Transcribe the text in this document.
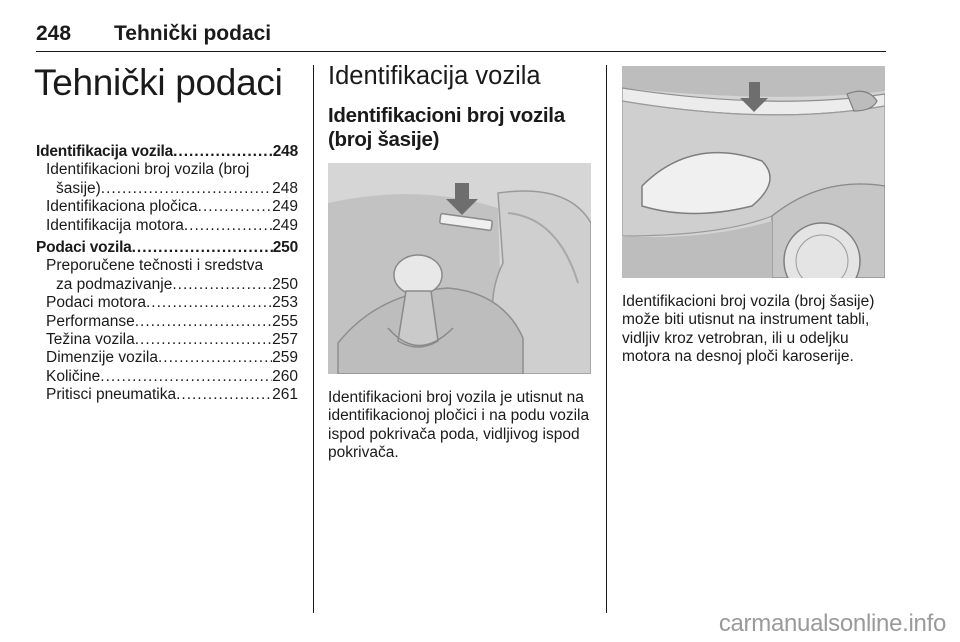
248 Tehnički podaci
Tehnički podaci
Identifikacija vozila .....	248
Identifikacioni broj vozila (broj
šasije) .....	248
Identifikaciona pločica .....	249
Identifikacija motora .....	249
Podaci vozila .....	250
Preporučene tečnosti i sredstva
za podmazivanje .....	250
Podaci motora .....	253
Performanse .....	255
Težina vozila .....	257
Dimenzije vozila .....	259
Količine .....	260
Pritisci pneumatika .....	261
Identifikacija vozila
Identifikacioni broj vozila (broj šasije)
Identifikacioni broj vozila je utisnut na identifikacionoj pločici i na podu vozila ispod pokrivača poda, vidljivog ispod pokrivača.
Identifikacioni broj vozila (broj šasije) može biti utisnut na instrument tabli, vidljiv kroz vetrobran, ili u odeljku motora na desnoj ploči karoserije.
carmanualsonline.info
